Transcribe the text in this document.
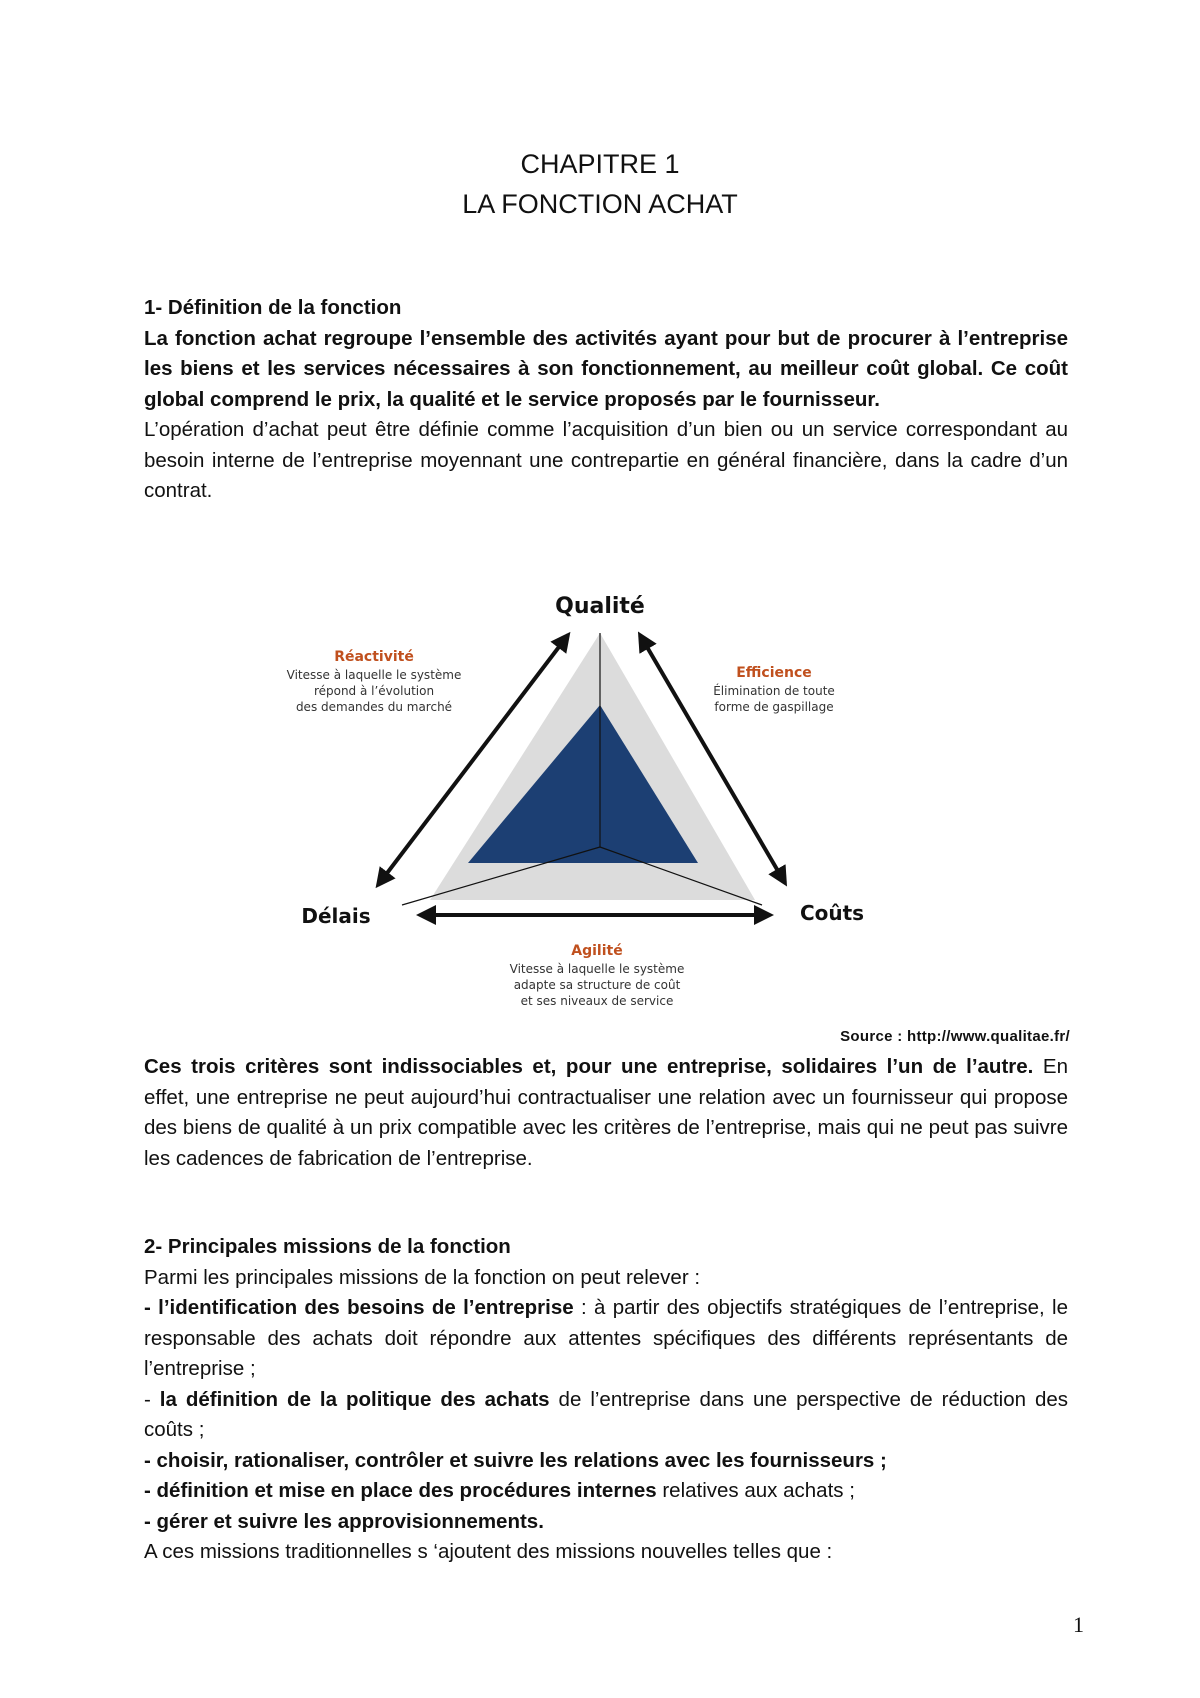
CHAPITRE 1
LA FONCTION ACHAT

1- Définition de la fonction

La fonction achat regroupe l’ensemble des activités ayant pour but de procurer à l’entreprise les biens et les services nécessaires à son fonctionnement, au meilleur coût global. Ce coût global comprend le prix, la qualité et le service proposés par le fournisseur.

L’opération d’achat peut être définie comme l’acquisition d’un bien ou un service correspondant au besoin interne de l’entreprise moyennant une contrepartie en général financière, dans la cadre d’un contrat.

Qualité
Délais	Coûts
Réactivité
Vitesse à laquelle le système
répond à l’évolution
des demandes du marché
Efficience
Élimination de toute
forme de gaspillage
Agilité
Vitesse à laquelle le système
adapte sa structure de coût
et ses niveaux de service
Source : http://www.qualitae.fr/

Ces trois critères sont indissociables et, pour une entreprise, solidaires l’un de l’autre. En effet, une entreprise ne peut aujourd’hui contractualiser une relation avec un fournisseur qui propose des biens de qualité à un prix compatible avec les critères de l’entreprise, mais qui ne peut pas suivre les cadences de fabrication de l’entreprise.

2- Principales missions de la fonction

Parmi les principales missions de la fonction on peut relever :

- l’identification des besoins de l’entreprise : à partir des objectifs stratégiques de l’entreprise, le responsable des achats doit répondre aux attentes spécifiques des différents représentants de l’entreprise ;

- la définition de la politique des achats de l’entreprise dans une perspective de réduction des coûts ;

- choisir, rationaliser, contrôler et suivre les relations avec les fournisseurs ;

- définition et mise en place des procédures internes relatives aux achats ;

- gérer et suivre les approvisionnements.

A ces missions traditionnelles s ‘ajoutent des missions nouvelles telles que :

1
